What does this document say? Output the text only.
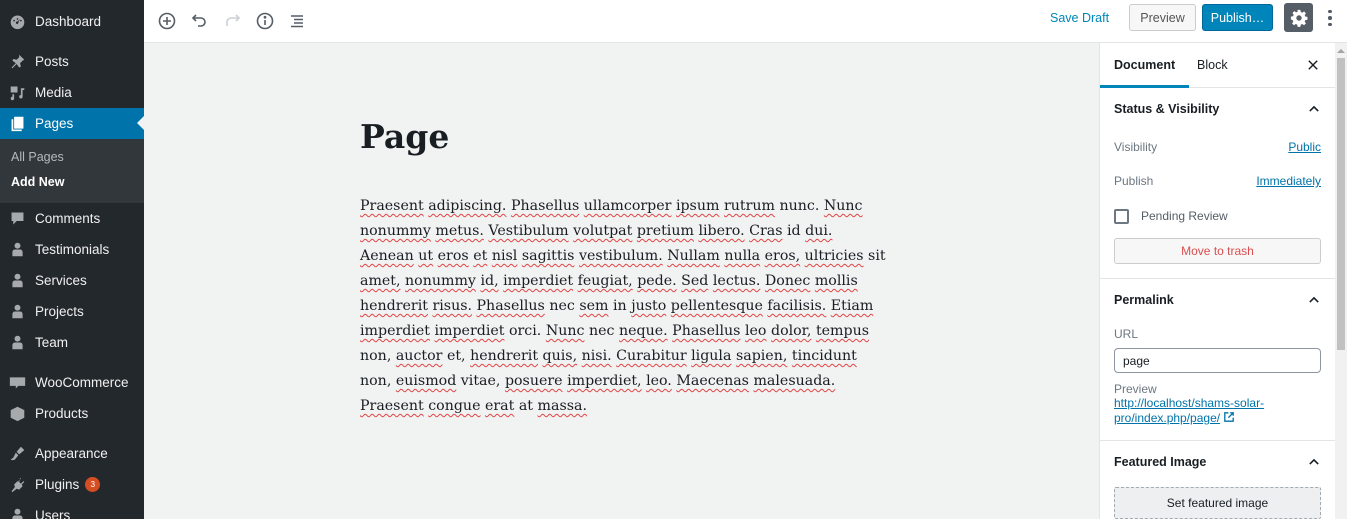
Dashboard
Posts
Media
Pages
All Pages
Add New
Comments
Testimonials
Services
Projects
Team
WooCommerce
Products
Appearance
Plugins	3
Users
Save Draft	Preview	Publish…
Page

Praesent adipiscing. Phasellus ullamcorper ipsum rutrum nunc. Nunc nonummy metus. Vestibulum volutpat pretium libero. Cras id dui. Aenean ut eros et nisl sagittis vestibulum. Nullam nulla eros, ultricies sit amet, nonummy id, imperdiet feugiat, pede. Sed lectus. Donec mollis hendrerit risus. Phasellus nec sem in justo pellentesque facilisis. Etiam imperdiet imperdiet orci. Nunc nec neque. Phasellus leo dolor, tempus non, auctor et, hendrerit quis, nisi. Curabitur ligula sapien, tincidunt non, euismod vitae, posuere imperdiet, leo. Maecenas malesuada. Praesent congue erat at massa.

Document Block
Status & Visibility
Visibility	Public
Publish	Immediately
Pending Review
Move to trash
Permalink
URL
page
Preview
http://localhost/shams-solar-
pro/index.php/page/
Featured Image
Set featured image
